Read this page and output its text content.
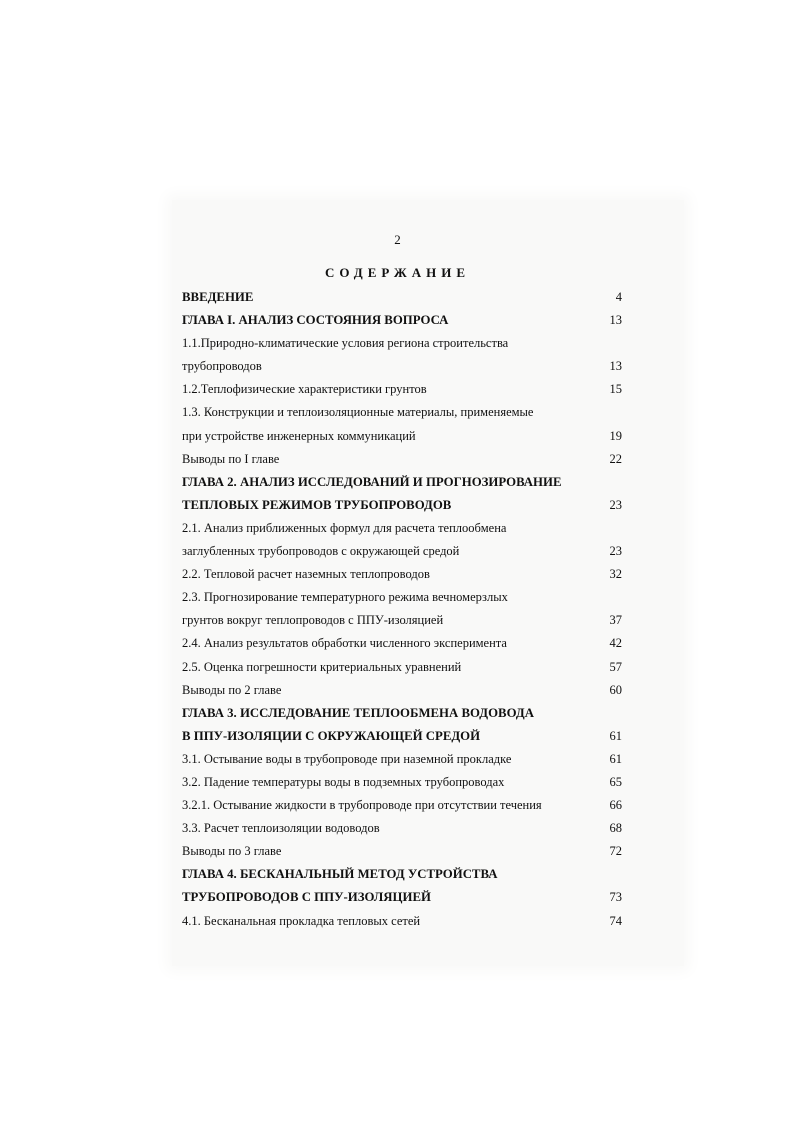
2
СОДЕРЖАНИЕ
ВВЕДЕНИЕ	4
ГЛАВА I. АНАЛИЗ СОСТОЯНИЯ ВОПРОСА	13
1.1.Природно-климатические условия региона строительства
трубопроводов	13
1.2.Теплофизические характеристики грунтов	15
1.3. Конструкции и теплоизоляционные материалы, применяемые
при устройстве инженерных коммуникаций	19
Выводы по I главе	22
ГЛАВА 2. АНАЛИЗ ИССЛЕДОВАНИЙ И ПРОГНОЗИРОВАНИЕ
ТЕПЛОВЫХ РЕЖИМОВ ТРУБОПРОВОДОВ	23
2.1. Анализ приближенных формул для расчета теплообмена
заглубленных трубопроводов с окружающей средой	23
2.2. Тепловой расчет наземных теплопроводов	32
2.3. Прогнозирование температурного режима вечномерзлых
грунтов вокруг теплопроводов с ППУ-изоляцией	37
2.4. Анализ результатов обработки численного эксперимента	42
2.5. Оценка погрешности критериальных уравнений	57
Выводы по 2 главе	60
ГЛАВА 3. ИССЛЕДОВАНИЕ ТЕПЛООБМЕНА ВОДОВОДА
В ППУ-ИЗОЛЯЦИИ С ОКРУЖАЮЩЕЙ СРЕДОЙ	61
3.1. Остывание воды в трубопроводе при наземной прокладке	61
3.2. Падение температуры воды в подземных трубопроводах	65
3.2.1. Остывание жидкости в трубопроводе при отсутствии течения	66
3.3. Расчет теплоизоляции водоводов	68
Выводы по 3 главе	72
ГЛАВА 4. БЕСКАНАЛЬНЫЙ МЕТОД УСТРОЙСТВА
ТРУБОПРОВОДОВ С ППУ-ИЗОЛЯЦИЕЙ	73
4.1. Бесканальная прокладка тепловых сетей	74
